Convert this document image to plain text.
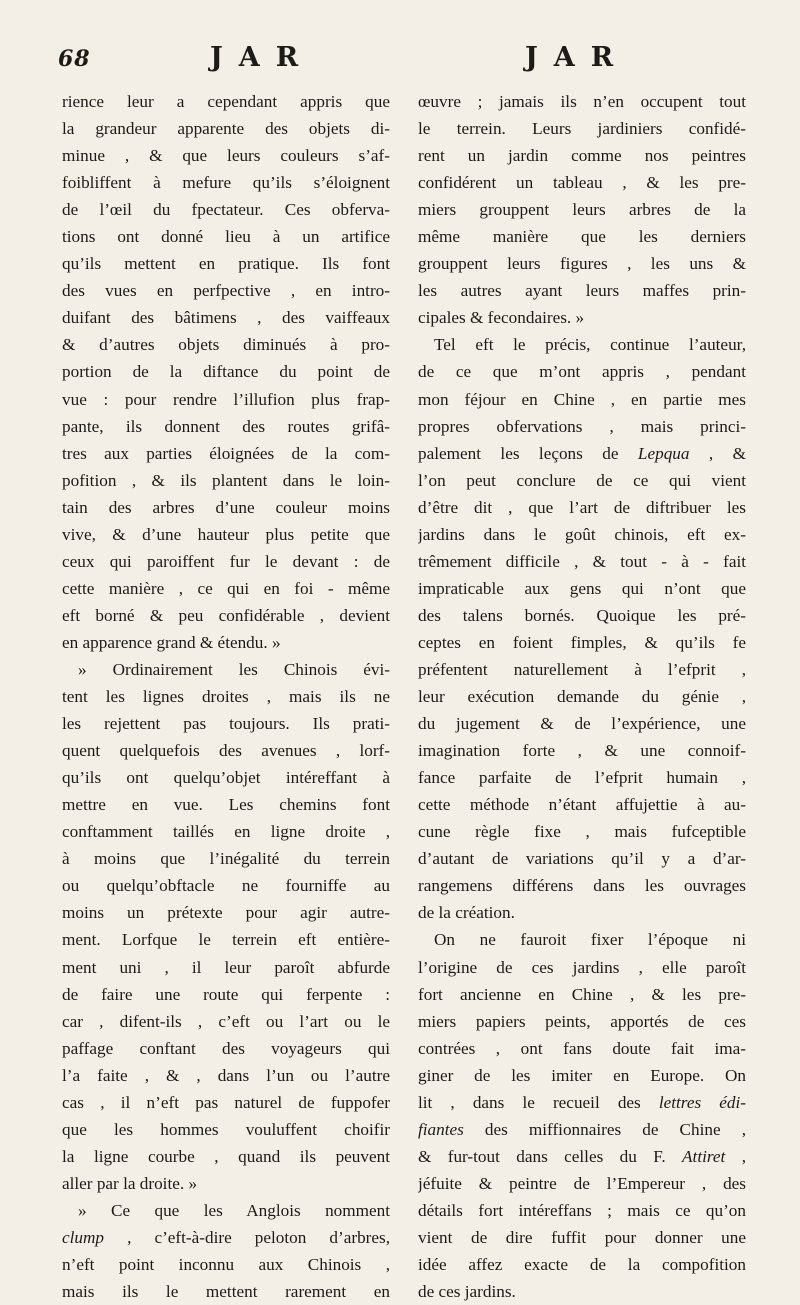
68	JAR	JAR
rience leur a cependant appris que
la grandeur apparente des objets di-
minue , & que leurs couleurs s’af-
foibliffent à mefure qu’ils s’éloignent
de l’œil du fpectateur. Ces obferva-
tions ont donné lieu à un artifice
qu’ils mettent en pratique. Ils font
des vues en perfpective , en intro-
duifant des bâtimens , des vaiffeaux
& d’autres objets diminués à pro-
portion de la diftance du point de
vue : pour rendre l’illufion plus frap-
pante, ils donnent des routes grifâ-
tres aux parties éloignées de la com-
pofition , & ils plantent dans le loin-
tain des arbres d’une couleur moins
vive, & d’une hauteur plus petite que
ceux qui paroiffent fur le devant : de
cette manière , ce qui en foi - même
eft borné & peu confidérable , devient
en apparence grand & étendu. »
» Ordinairement les Chinois évi-
tent les lignes droites , mais ils ne
les rejettent pas toujours. Ils prati-
quent quelquefois des avenues , lorf-
qu’ils ont quelqu’objet intéreffant à
mettre en vue. Les chemins font
conftamment taillés en ligne droite ,
à moins que l’inégalité du terrein
ou quelqu’obftacle ne fourniffe au
moins un prétexte pour agir autre-
ment. Lorfque le terrein eft entière-
ment uni , il leur paroît abfurde
de faire une route qui ferpente :
car , difent-ils , c’eft ou l’art ou le
paffage conftant des voyageurs qui
l’a faite , & , dans l’un ou l’autre
cas , il n’eft pas naturel de fuppofer
que les hommes vouluffent choifir
la ligne courbe , quand ils peuvent
aller par la droite. »
» Ce que les Anglois nomment
clump , c’eft-à-dire peloton d’arbres,
n’eft point inconnu aux Chinois ,
mais ils le mettent rarement en
œuvre ; jamais ils n’en occupent tout
le terrein. Leurs jardiniers confidé-
rent un jardin comme nos peintres
confidérent un tableau , & les pre-
miers grouppent leurs arbres de la
même manière que les derniers
grouppent leurs figures , les uns &
les autres ayant leurs maffes prin-
cipales & fecondaires. »
Tel eft le précis, continue l’auteur,
de ce que m’ont appris , pendant
mon féjour en Chine , en partie mes
propres obfervations , mais princi-
palement les leçons de Lepqua , &
l’on peut conclure de ce qui vient
d’être dit , que l’art de diftribuer les
jardins dans le goût chinois, eft ex-
trêmement difficile , & tout - à - fait
impraticable aux gens qui n’ont que
des talens bornés. Quoique les pré-
ceptes en foient fimples, & qu’ils fe
préfentent naturellement à l’efprit ,
leur exécution demande du génie ,
du jugement & de l’expérience, une
imagination forte , & une connoif-
fance parfaite de l’efprit humain ,
cette méthode n’étant affujettie à au-
cune règle fixe , mais fufceptible
d’autant de variations qu’il y a d’ar-
rangemens différens dans les ouvrages
de la création.
On ne fauroit fixer l’époque ni
l’origine de ces jardins , elle paroît
fort ancienne en Chine , & les pre-
miers papiers peints, apportés de ces
contrées , ont fans doute fait ima-
giner de les imiter en Europe. On
lit , dans le recueil des lettres édi-
fiantes des miffionnaires de Chine ,
& fur-tout dans celles du F. Attiret ,
jéfuite & peintre de l’Empereur , des
détails fort intéreffans ; mais ce qu’on
vient de dire fuffit pour donner une
idée affez exacte de la compofition
de ces jardins.
